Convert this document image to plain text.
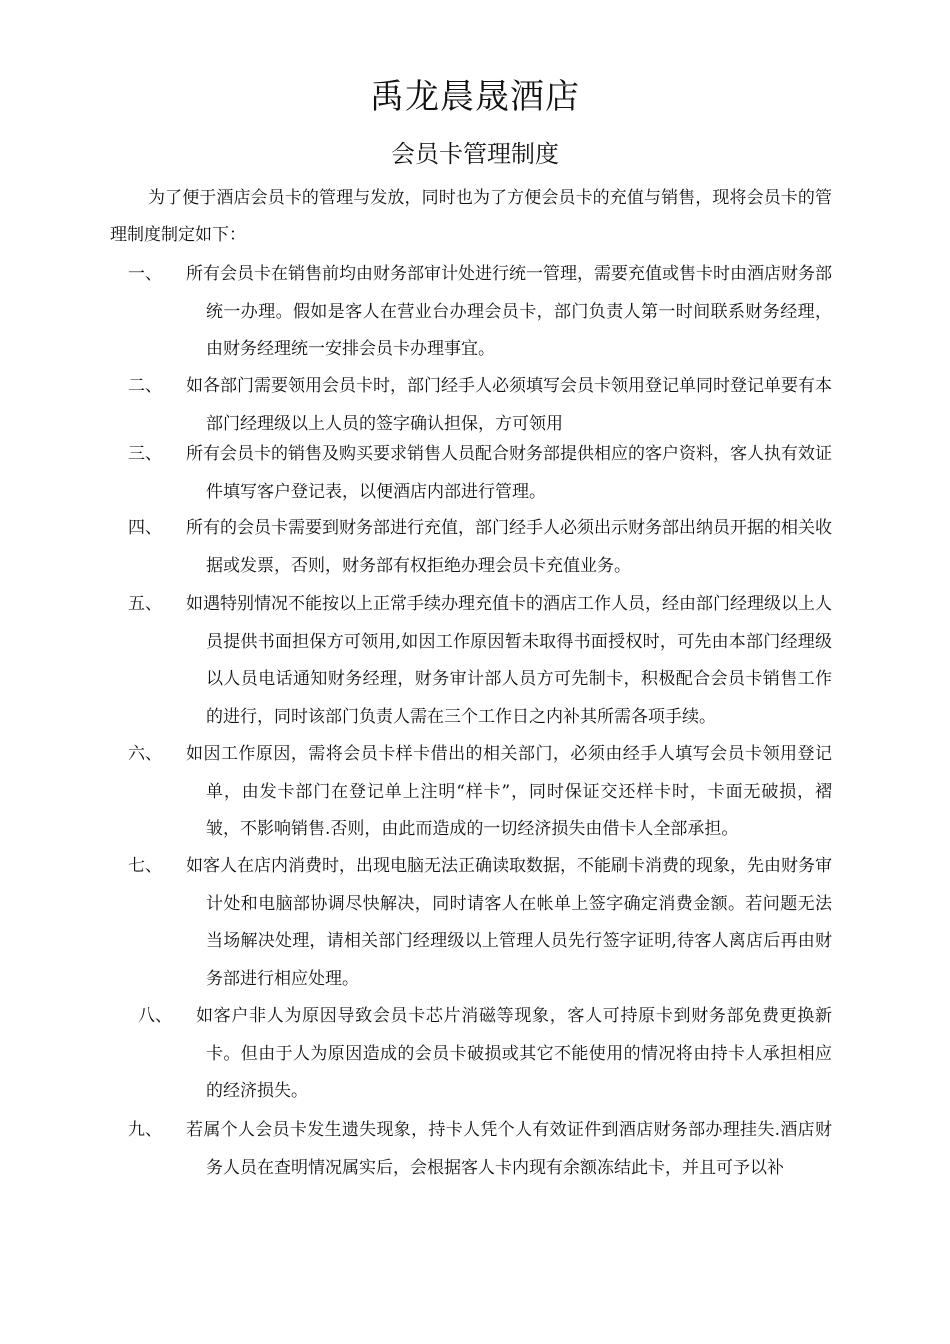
禹龙晨晟酒店
会员卡管理制度

为了便于酒店会员卡的管理与发放，同时也为了方便会员卡的充值与销售，现将会员卡的管理制度制定如下：

一、 所有会员卡在销售前均由财务部审计处进行统一管理，需要充值或售卡时由酒店财务部统一办理。假如是客人在营业台办理会员卡，部门负责人第一时间联系财务经理，由财务经理统一安排会员卡办理事宜。
二、 如各部门需要领用会员卡时，部门经手人必须填写会员卡领用登记单同时登记单要有本部门经理级以上人员的签字确认担保，方可领用
三、 所有会员卡的销售及购买要求销售人员配合财务部提供相应的客户资料，客人执有效证件填写客户登记表，以便酒店内部进行管理。
四、 所有的会员卡需要到财务部进行充值，部门经手人必须出示财务部出纳员开据的相关收据或发票，否则，财务部有权拒绝办理会员卡充值业务。
五、 如遇特别情况不能按以上正常手续办理充值卡的酒店工作人员，经由部门经理级以上人员提供书面担保方可领用,如因工作原因暂未取得书面授权时，可先由本部门经理级以人员电话通知财务经理，财务审计部人员方可先制卡，积极配合会员卡销售工作的进行，同时该部门负责人需在三个工作日之内补其所需各项手续。
六、 如因工作原因，需将会员卡样卡借出的相关部门，必须由经手人填写会员卡领用登记单，由发卡部门在登记单上注明“样卡”，同时保证交还样卡时，卡面无破损，褶皱，不影响销售.否则，由此而造成的一切经济损失由借卡人全部承担。
七、 如客人在店内消费时，出现电脑无法正确读取数据，不能刷卡消费的现象，先由财务审计处和电脑部协调尽快解决，同时请客人在帐单上签字确定消费金额。若问题无法当场解决处理，请相关部门经理级以上管理人员先行签字证明,待客人离店后再由财务部进行相应处理。
八、 如客户非人为原因导致会员卡芯片消磁等现象，客人可持原卡到财务部免费更换新卡。但由于人为原因造成的会员卡破损或其它不能使用的情况将由持卡人承担相应的经济损失。
九、 若属个人会员卡发生遗失现象，持卡人凭个人有效证件到酒店财务部办理挂失.酒店财务人员在查明情况属实后，会根据客人卡内现有余额冻结此卡，并且可予以补
